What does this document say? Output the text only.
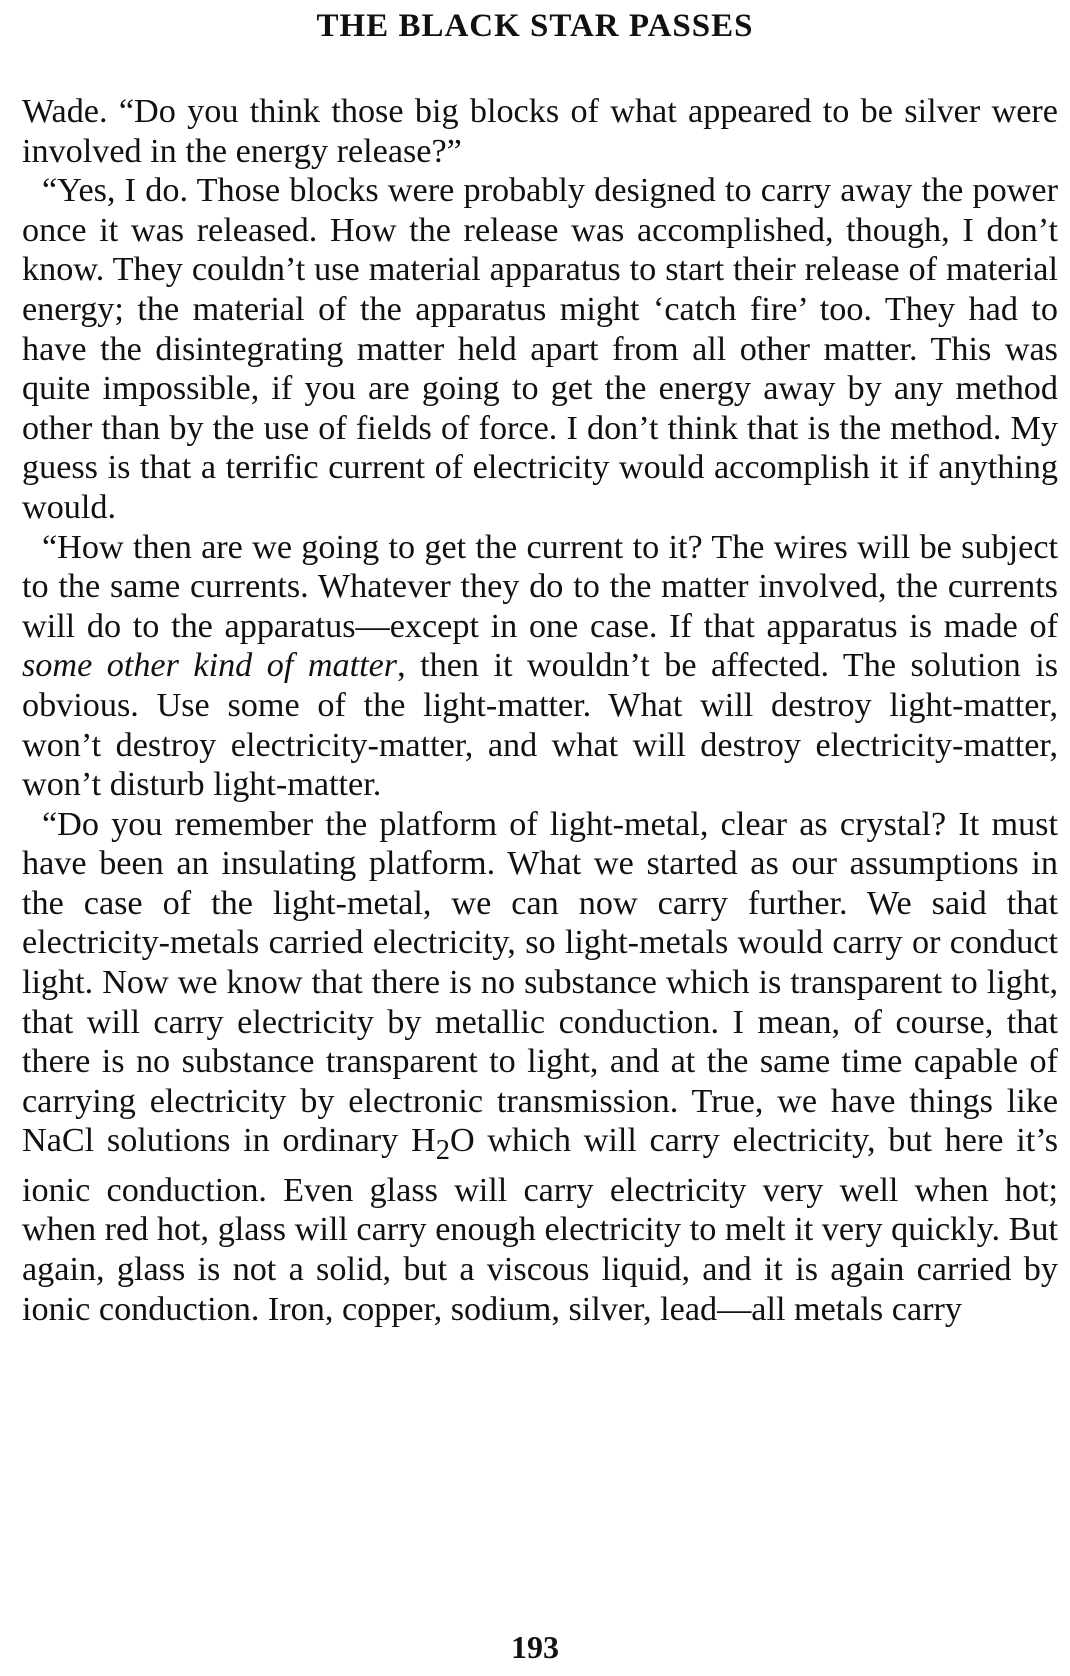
THE BLACK STAR PASSES

Wade. “Do you think those big blocks of what appeared to be silver were involved in the energy release?”

“Yes, I do. Those blocks were probably designed to carry away the power once it was released. How the release was accomplished, though, I don’t know. They couldn’t use material apparatus to start their release of material energy; the material of the apparatus might ‘catch fire’ too. They had to have the disintegrating matter held apart from all other matter. This was quite impossible, if you are going to get the energy away by any method other than by the use of fields of force. I don’t think that is the method. My guess is that a terrific current of electricity would accomplish it if anything would.

“How then are we going to get the current to it? The wires will be subject to the same currents. Whatever they do to the matter involved, the currents will do to the apparatus—except in one case. If that apparatus is made of some other kind of matter, then it wouldn’t be affected. The solution is obvious. Use some of the light-matter. What will destroy light-matter, won’t destroy electricity-matter, and what will destroy electricity-matter, won’t disturb light-matter.

“Do you remember the platform of light-metal, clear as crystal? It must have been an insulating platform. What we started as our assumptions in the case of the light-metal, we can now carry further. We said that electricity-metals carried electricity, so light-metals would carry or conduct light. Now we know that there is no substance which is transparent to light, that will carry electricity by metallic conduction. I mean, of course, that there is no substance transparent to light, and at the same time capable of carrying electricity by electronic transmission. True, we have things like NaCl solutions in ordinary $H_2O$ which will carry electricity, but here it’s ionic conduction. Even glass will carry electricity very well when hot; when red hot, glass will carry enough electricity to melt it very quickly. But again, glass is not a solid, but a viscous liquid, and it is again carried by ionic conduction. Iron, copper, sodium, silver, lead—all metals carry

193
